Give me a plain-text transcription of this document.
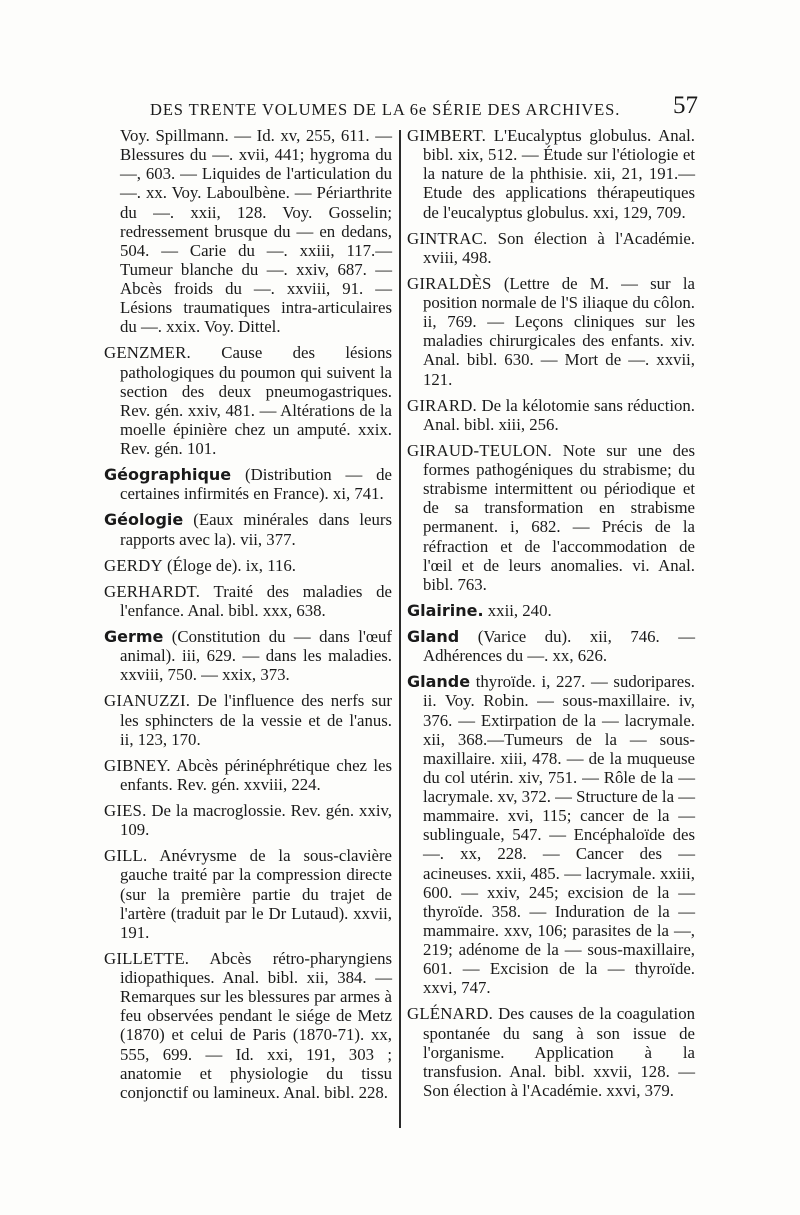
DES TRENTE VOLUMES DE LA 6e SÉRIE DES ARCHIVES. 57

Voy. Spillmann. — Id. xv, 255, 611. — Blessures du —. xvii, 441; hygroma du —, 603. — Liquides de l'articulation du —. xx. Voy. Laboulbène. — Périarthrite du —. xxii, 128. Voy. Gosselin; redressement brusque du — en dedans, 504. — Carie du —. xxiii, 117.— Tumeur blanche du —. xxiv, 687. — Abcès froids du —. xxviii, 91. — Lésions traumatiques intra-articulaires du —. xxix. Voy. Dittel.

GENZMER. Cause des lésions pathologiques du poumon qui suivent la section des deux pneumogastriques. Rev. gén. xxiv, 481. — Altérations de la moelle épinière chez un amputé. xxix. Rev. gén. 101.

Géographique (Distribution — de certaines infirmités en France). xi, 741.

Géologie (Eaux minérales dans leurs rapports avec la). vii, 377.

GERDY (Éloge de). ix, 116.

GERHARDT. Traité des maladies de l'enfance. Anal. bibl. xxx, 638.

Germe (Constitution du — dans l'œuf animal). iii, 629. — dans les maladies. xxviii, 750. — xxix, 373.

GIANUZZI. De l'influence des nerfs sur les sphincters de la vessie et de l'anus. ii, 123, 170.

GIBNEY. Abcès périnéphrétique chez les enfants. Rev. gén. xxviii, 224.

GIES. De la macroglossie. Rev. gén. xxiv, 109.

GILL. Anévrysme de la sous-clavière gauche traité par la compression directe (sur la première partie du trajet de l'artère (traduit par le Dr Lutaud). xxvii, 191.

GILLETTE. Abcès rétro-pharyngiens idiopathiques. Anal. bibl. xii, 384. — Remarques sur les blessures par armes à feu observées pendant le siége de Metz (1870) et celui de Paris (1870-71). xx, 555, 699. — Id. xxi, 191, 303 ; anatomie et physiologie du tissu conjonctif ou lamineux. Anal. bibl. 228.

GIMBERT. L'Eucalyptus globulus. Anal. bibl. xix, 512. — Étude sur l'étiologie et la nature de la phthisie. xii, 21, 191.— Etude des applications thérapeutiques de l'eucalyptus globulus. xxi, 129, 709.

GINTRAC. Son élection à l'Académie. xviii, 498.

GIRALDÈS (Lettre de M. — sur la position normale de l'S iliaque du côlon. ii, 769. — Leçons cliniques sur les maladies chirurgicales des enfants. xiv. Anal. bibl. 630. — Mort de —. xxvii, 121.

GIRARD. De la kélotomie sans réduction. Anal. bibl. xiii, 256.

GIRAUD-TEULON. Note sur une des formes pathogéniques du strabisme; du strabisme intermittent ou périodique et de sa transformation en strabisme permanent. i, 682. — Précis de la réfraction et de l'accommodation de l'œil et de leurs anomalies. vi. Anal. bibl. 763.

Glairine. xxii, 240.

Gland (Varice du). xii, 746. — Adhérences du —. xx, 626.

Glande thyroïde. i, 227. — sudoripares. ii. Voy. Robin. — sous-maxillaire. iv, 376. — Extirpation de la — lacrymale. xii, 368.—Tumeurs de la — sous-maxillaire. xiii, 478. — de la muqueuse du col utérin. xiv, 751. — Rôle de la — lacrymale. xv, 372. — Structure de la — mammaire. xvi, 115; cancer de la — sublinguale, 547. — Encéphaloïde des —. xx, 228. — Cancer des — acineuses. xxii, 485. — lacrymale. xxiii, 600. — xxiv, 245; excision de la — thyroïde. 358. — Induration de la — mammaire. xxv, 106; parasites de la —, 219; adénome de la — sous-maxillaire, 601. — Excision de la — thyroïde. xxvi, 747.

GLÉNARD. Des causes de la coagulation spontanée du sang à son issue de l'organisme. Application à la transfusion. Anal. bibl. xxvii, 128. — Son élection à l'Académie. xxvi, 379.
